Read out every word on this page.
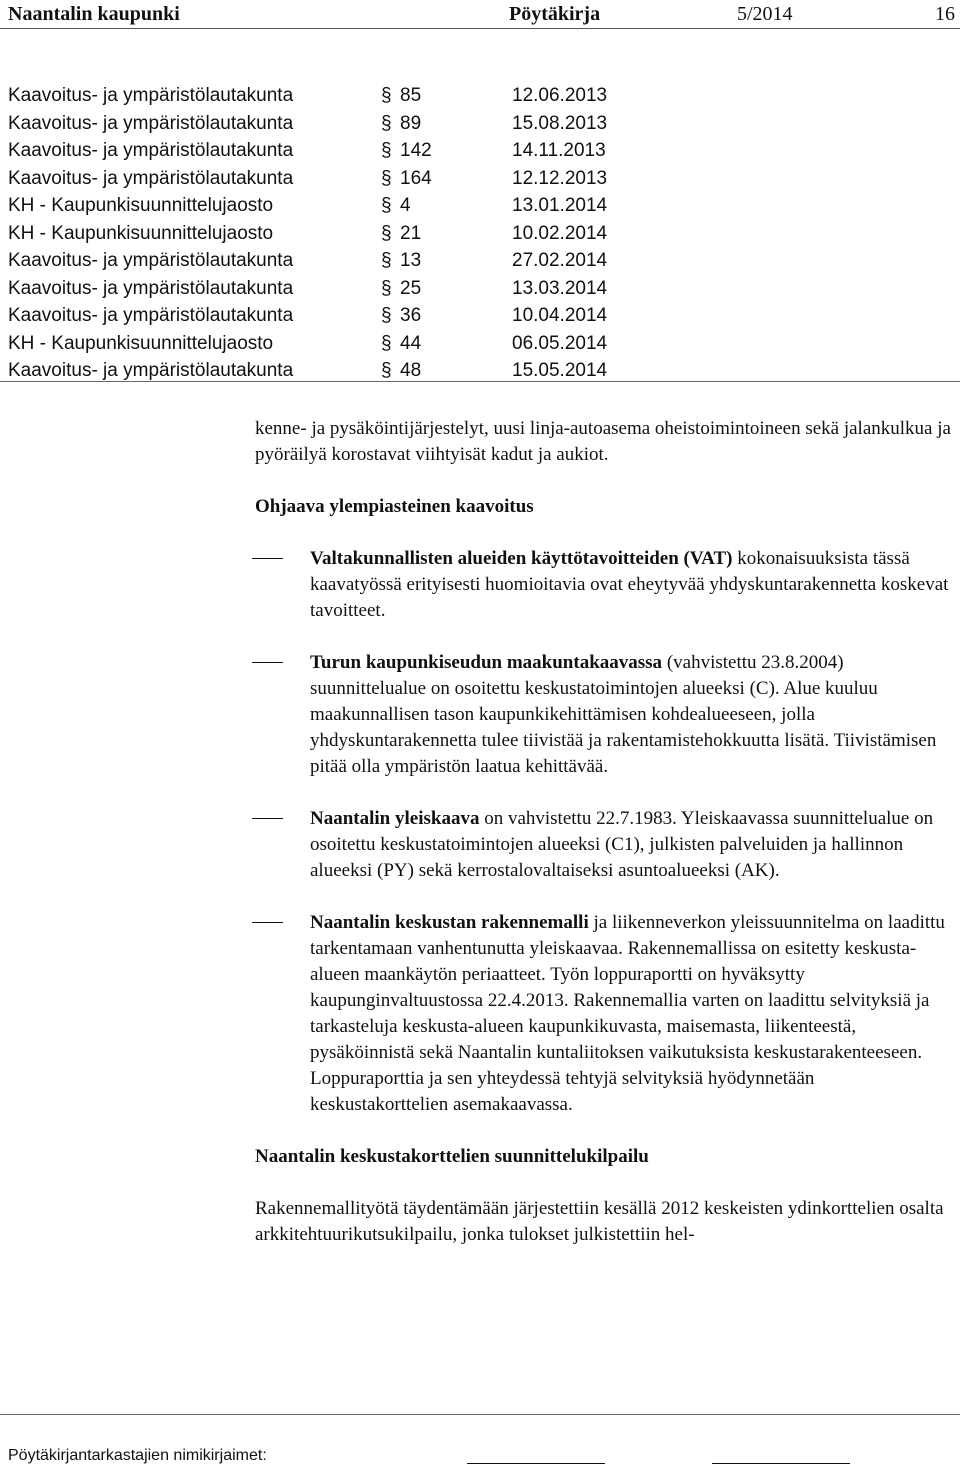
Naantalin kaupunki	Pöytäkirja	5/2014	16
Kaavoitus- ja ympäristölautakunta	§ 85	12.06.2013
Kaavoitus- ja ympäristölautakunta	§ 89	15.08.2013
Kaavoitus- ja ympäristölautakunta	§ 142	14.11.2013
Kaavoitus- ja ympäristölautakunta	§ 164	12.12.2013
KH - Kaupunkisuunnittelujaosto	§ 4	13.01.2014
KH - Kaupunkisuunnittelujaosto	§ 21	10.02.2014
Kaavoitus- ja ympäristölautakunta	§ 13	27.02.2014
Kaavoitus- ja ympäristölautakunta	§ 25	13.03.2014
Kaavoitus- ja ympäristölautakunta	§ 36	10.04.2014
KH - Kaupunkisuunnittelujaosto	§ 44	06.05.2014
Kaavoitus- ja ympäristölautakunta	§ 48	15.05.2014

kenne- ja pysäköintijärjestelyt, uusi linja-autoasema oheistoimintoineen sekä jalankulkua ja pyöräilyä korostavat viihtyisät kadut ja aukiot.

Ohjaava ylempiasteinen kaavoitus

Valtakunnallisten alueiden käyttötavoitteiden (VAT) kokonaisuuksista tässä kaavatyössä erityisesti huomioitavia ovat eheytyvää yhdyskuntarakennetta koskevat tavoitteet.
Turun kaupunkiseudun maakuntakaavassa (vahvistettu 23.8.2004) suunnittelualue on osoitettu keskustatoimintojen alueeksi (C). Alue kuuluu maakunnallisen tason kaupunkikehittämisen kohdealueeseen, jolla yhdyskuntarakennetta tulee tiivistää ja rakentamistehokkuutta lisätä. Tiivistämisen pitää olla ympäristön laatua kehittävää.
Naantalin yleiskaava on vahvistettu 22.7.1983. Yleiskaavassa suunnittelualue on osoitettu keskustatoimintojen alueeksi (C1), julkisten palveluiden ja hallinnon alueeksi (PY) sekä kerrostalovaltaiseksi asuntoalueeksi (AK).
Naantalin keskustan rakennemalli ja liikenneverkon yleissuunnitelma on laadittu tarkentamaan vanhentunutta yleiskaavaa. Rakennemallissa on esitetty keskusta-alueen maankäytön periaatteet. Työn loppuraportti on hyväksytty kaupunginvaltuustossa 22.4.2013. Rakennemallia varten on laadittu selvityksiä ja tarkasteluja keskusta-alueen kaupunkikuvasta, maisemasta, liikenteestä, pysäköinnistä sekä Naantalin kuntaliitoksen vaikutuksista keskustarakenteeseen. Loppuraporttia ja sen yhteydessä tehtyjä selvityksiä hyödynnetään keskustakorttelien asemakaavassa.

Naantalin keskustakorttelien suunnittelukilpailu

Rakennemallityötä täydentämään järjestettiin kesällä 2012 keskeisten ydinkorttelien osalta arkkitehtuurikutsukilpailu, jonka tulokset julkistettiin hel-

Pöytäkirjantarkastajien nimikirjaimet:
